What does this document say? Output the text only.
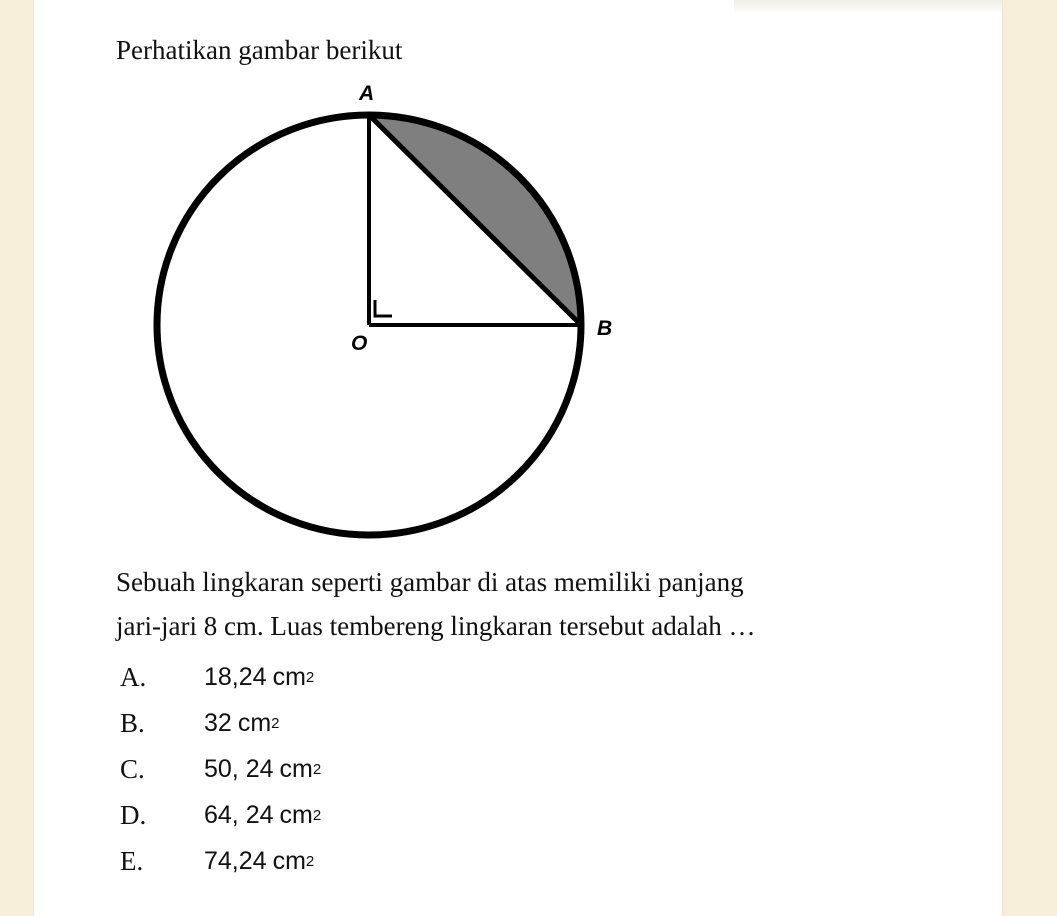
Perhatikan gambar berikut
A
B
O
Sebuah lingkaran seperti gambar di atas memiliki panjang
jari-jari 8 cm. Luas tembereng lingkaran tersebut adalah …
A.	18,24 cm 2
B.	32 cm 2
C.	50, 24 cm 2
D.	64, 24 cm 2
E.	74,24 cm 2
